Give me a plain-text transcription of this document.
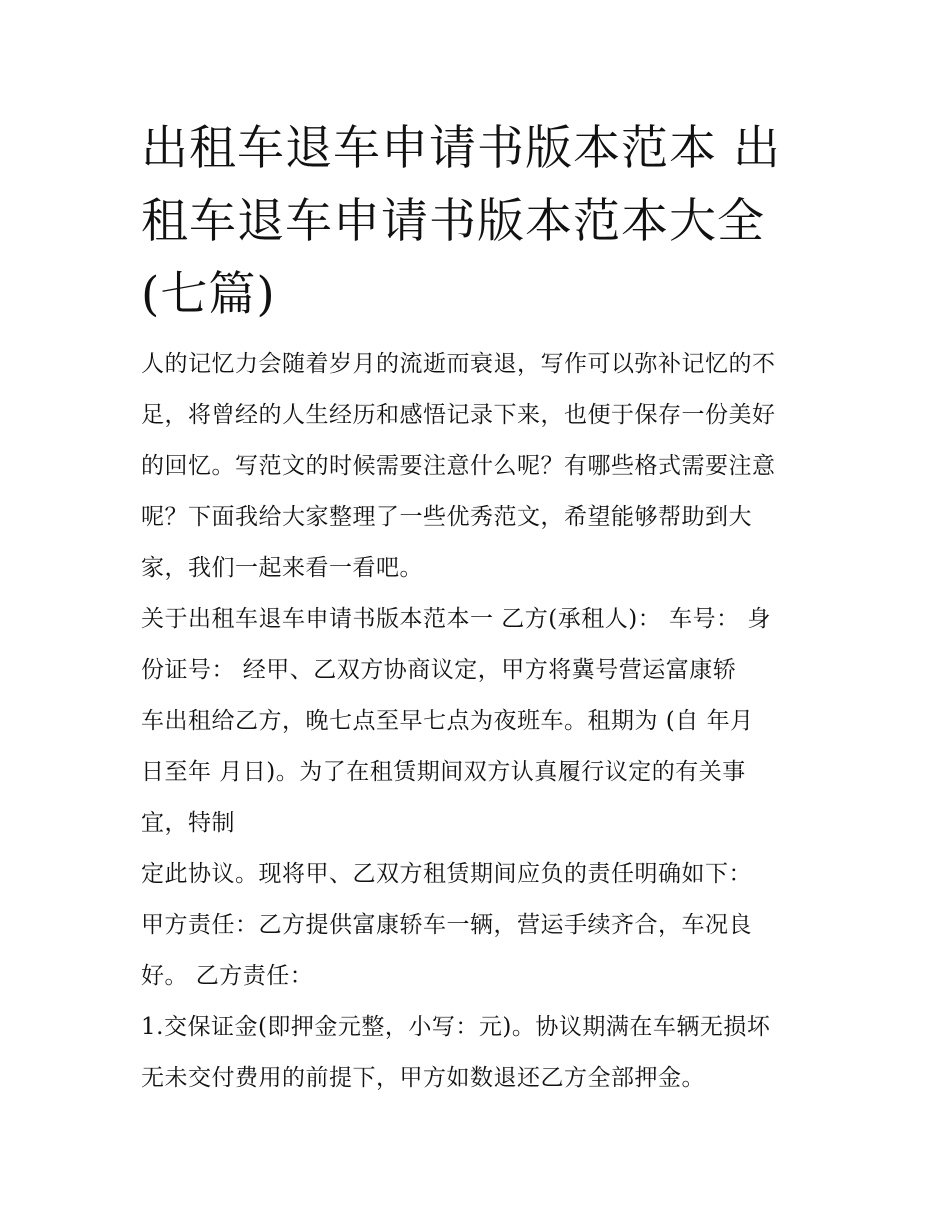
出租车退车申请书版本范本 出
租车退车申请书版本范本大全
(七篇)
人的记忆力会随着岁月的流逝而衰退，写作可以弥补记忆的不
足，将曾经的人生经历和感悟记录下来，也便于保存一份美好
的回忆。写范文的时候需要注意什么呢？有哪些格式需要注意
呢？下面我给大家整理了一些优秀范文，希望能够帮助到大
家，我们一起来看一看吧。
关于出租车退车申请书版本范本一 乙方(承租人)： 车号： 身
份证号： 经甲、乙双方协商议定，甲方将冀号营运富康轿
车出租给乙方，晚七点至早七点为夜班车。租期为 (自 年月
日至年 月日)。为了在租赁期间双方认真履行议定的有关事
宜，特制
定此协议。现将甲、乙双方租赁期间应负的责任明确如下：
甲方责任：乙方提供富康轿车一辆，营运手续齐合，车况良
好。 乙方责任：
1.交保证金(即押金元整，小写：元)。协议期满在车辆无损坏
无未交付费用的前提下，甲方如数退还乙方全部押金。
